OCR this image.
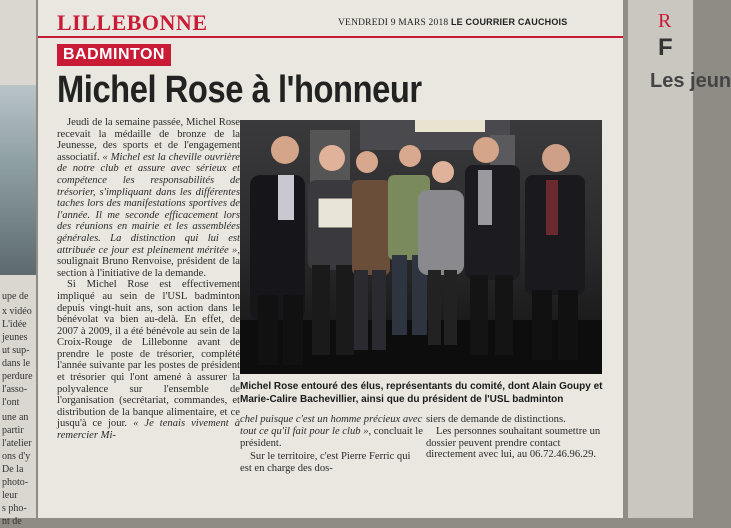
upe de
x vidéo
L'idée
jeunes
ut sup-
dans le
perdure
l'asso-
l'ont
une an
partir
l'atelier
ons d'y
De la
photo-
leur
s pho-
nt de
LILLEBONNE	VENDREDI 9 MARS 2018 LE COURRIER CAUCHOIS
BADMINTON
Michel Rose à l'honneur

Jeudi de la semaine passée, Michel Rose recevait la médaille de bronze de la Jeunesse, des sports et de l'engagement associatif. « Michel est la cheville ouvrière de notre club et assure avec sérieux et compétence les responsabilités de trésorier, s'impliquant dans les différentes taches lors des manifestations sportives de l'année. Il me seconde efficacement lors des réunions en mairie et les assemblées générales. La distinction qui lui est attribuée ce jour est pleinement méritée », soulignait Bruno Renvoise, président de la section à l'initiative de la demande.

Si Michel Rose est effectivement impliqué au sein de l'USL badminton depuis vingt-huit ans, son action dans le bénévolat va bien au-delà. En effet, de 2007 à 2009, il a été bénévole au sein de la Croix-Rouge de Lillebonne avant de prendre le poste de trésorier, complété l'année suivante par les postes de président et trésorier qui l'ont amené à assurer la polyvalence sur l'ensemble de l'organisation (secrétariat, commandes, et distribution de la banque alimentaire, et ce jusqu'à ce jour. « Je tenais vivement à remercier Mi-

Michel Rose entouré des élus, représentants du comité, dont Alain Goupy et Marie-Calire Bachevillier, ainsi que du président de l'USL badminton

chel puisque c'est un homme précieux avec tout ce qu'il fait pour le club », concluait le président.

Sur le territoire, c'est Pierre Ferric qui est en charge des dos-

siers de demande de distinctions.

Les personnes souhaitant soumettre un dossier peuvent prendre contact directement avec lui, au 06.72.46.96.29.

R
F
Les jeun
